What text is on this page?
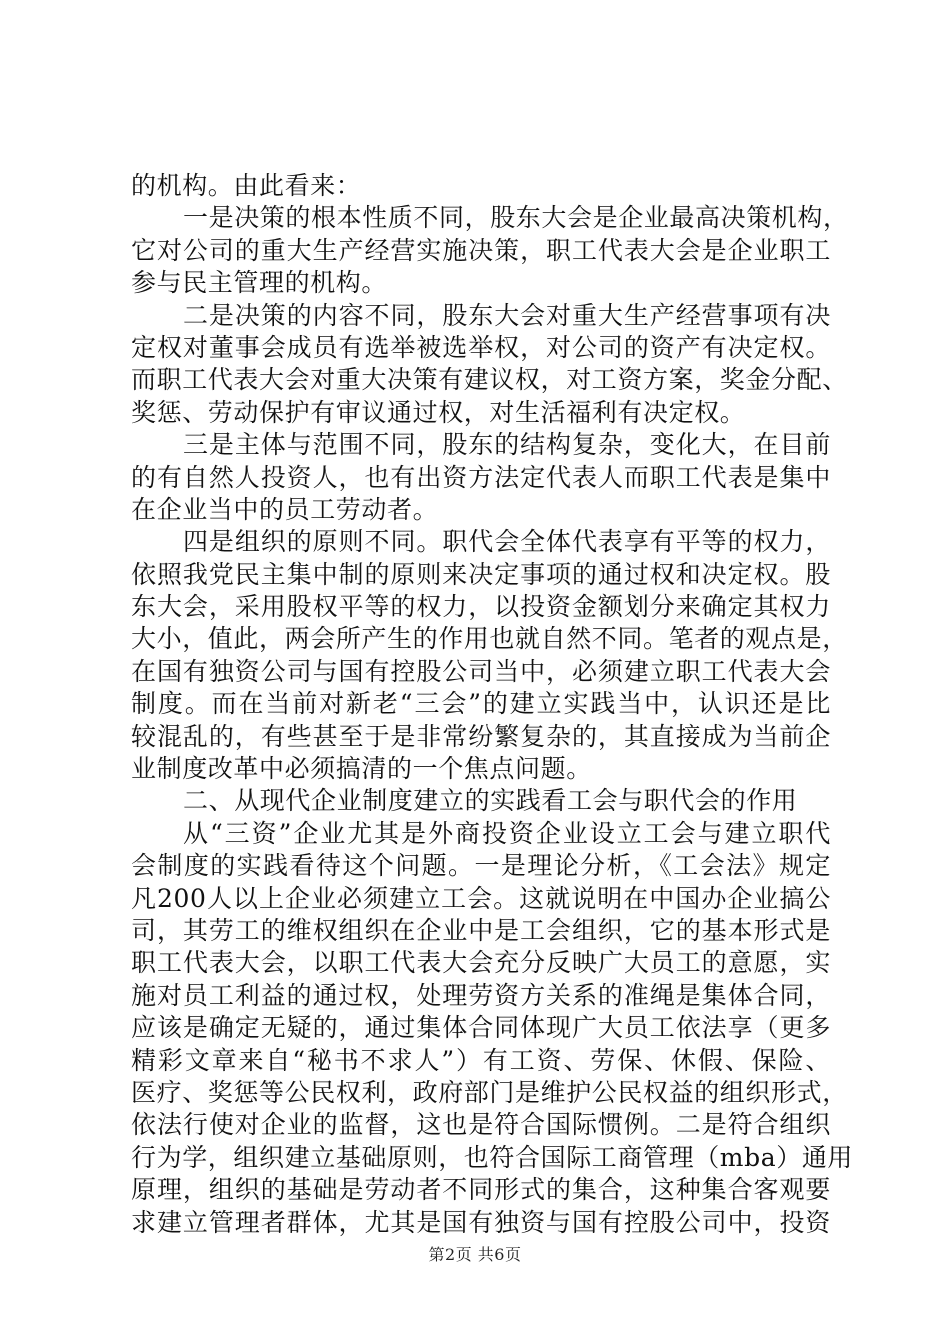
的机构。由此看来：
一是决策的根本性质不同，股东大会是企业最高决策机构，
它对公司的重大生产经营实施决策，职工代表大会是企业职工
参与民主管理的机构。
二是决策的内容不同，股东大会对重大生产经营事项有决
定权对董事会成员有选举被选举权，对公司的资产有决定权。
而职工代表大会对重大决策有建议权，对工资方案，奖金分配、
奖惩、劳动保护有审议通过权，对生活福利有决定权。
三是主体与范围不同，股东的结构复杂，变化大，在目前
的有自然人投资人，也有出资方法定代表人而职工代表是集中
在企业当中的员工劳动者。
四是组织的原则不同。职代会全体代表享有平等的权力，
依照我党民主集中制的原则来决定事项的通过权和决定权。股
东大会，采用股权平等的权力，以投资金额划分来确定其权力
大小，值此，两会所产生的作用也就自然不同。笔者的观点是，
在国有独资公司与国有控股公司当中，必须建立职工代表大会
制度。而在当前对新老“三会”的建立实践当中，认识还是比
较混乱的，有些甚至于是非常纷繁复杂的，其直接成为当前企
业制度改革中必须搞清的一个焦点问题。
二、从现代企业制度建立的实践看工会与职代会的作用
从“三资”企业尤其是外商投资企业设立工会与建立职代
会制度的实践看待这个问题。一是理论分析，《工会法》规定
凡200人以上企业必须建立工会。这就说明在中国办企业搞公
司，其劳工的维权组织在企业中是工会组织，它的基本形式是
职工代表大会，以职工代表大会充分反映广大员工的意愿，实
施对员工利益的通过权，处理劳资方关系的准绳是集体合同，
应该是确定无疑的，通过集体合同体现广大员工依法享（更多
精彩文章来自“秘书不求人”）有工资、劳保、休假、保险、
医疗、奖惩等公民权利，政府部门是维护公民权益的组织形式，
依法行使对企业的监督，这也是符合国际惯例。二是符合组织
行为学，组织建立基础原则，也符合国际工商管理（mba）通用
原理，组织的基础是劳动者不同形式的集合，这种集合客观要
求建立管理者群体，尤其是国有独资与国有控股公司中，投资
第2页 共6页
